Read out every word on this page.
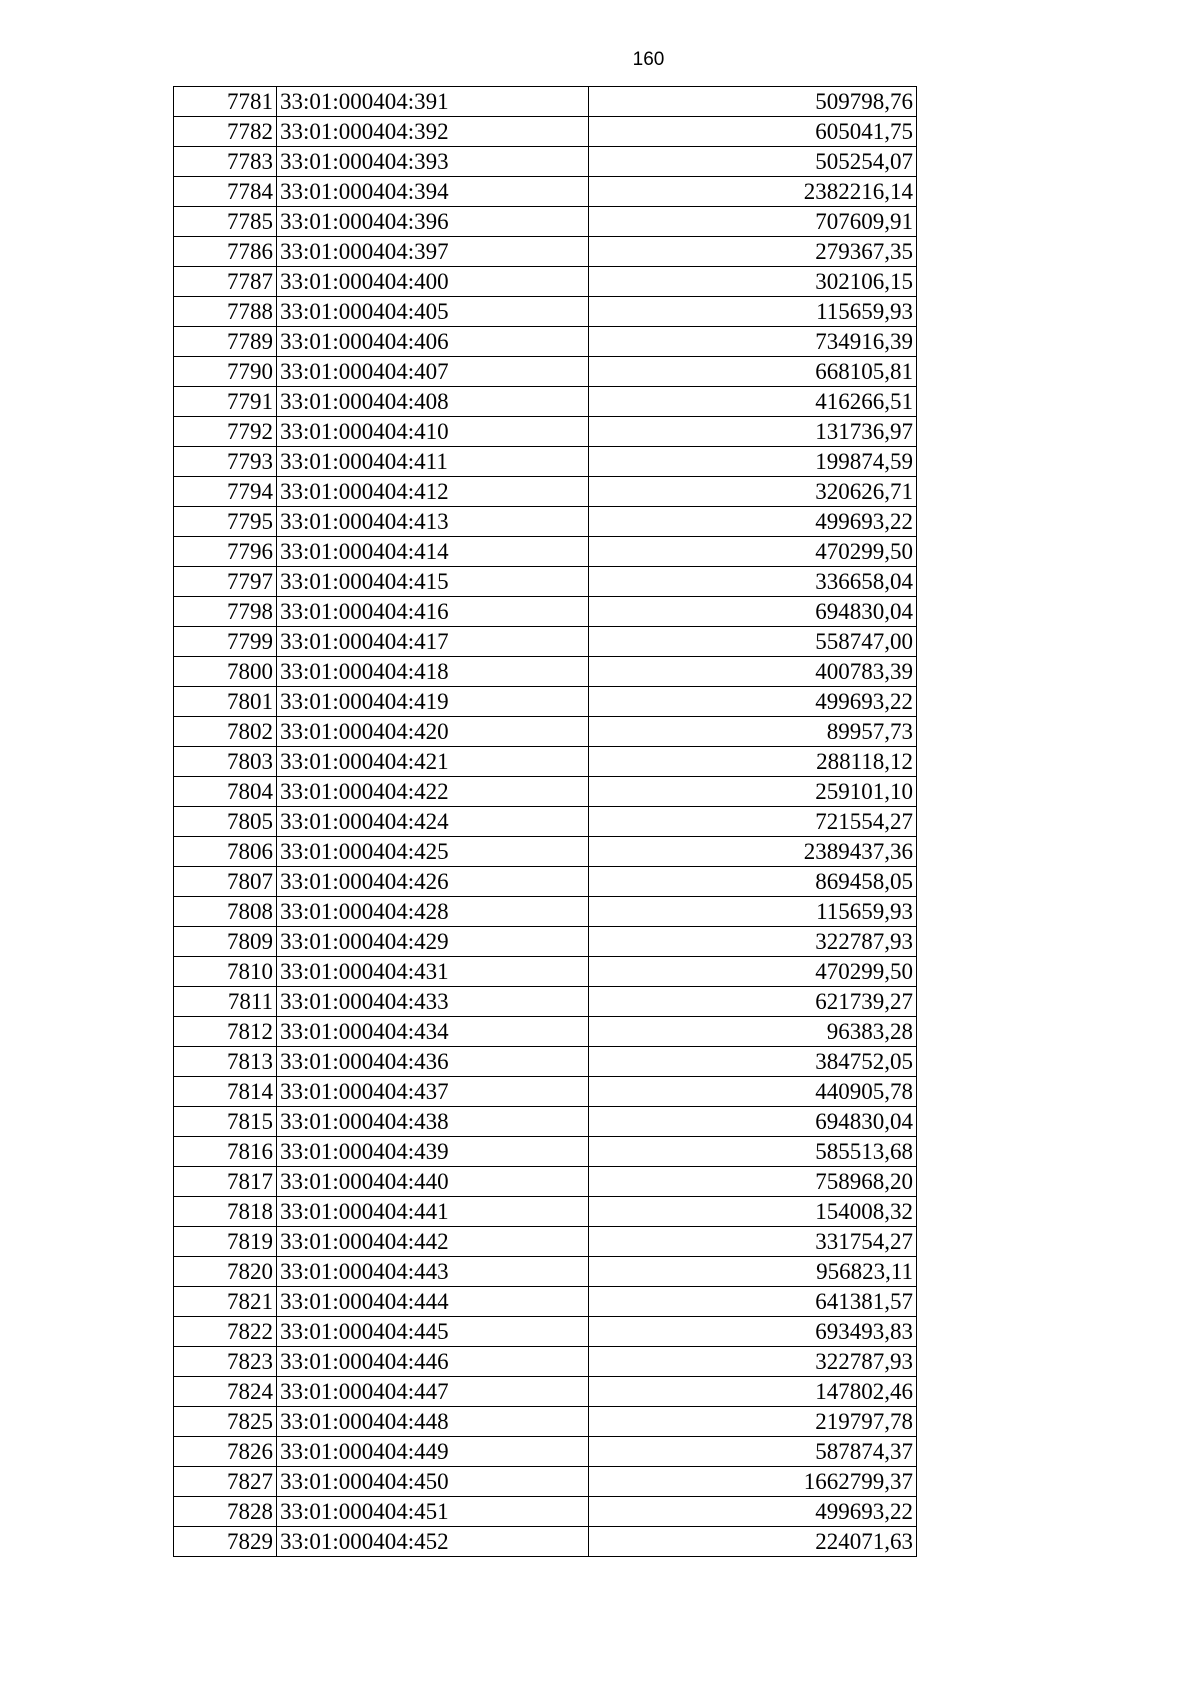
160
7781	33:01:000404:391	509798,76
7782	33:01:000404:392	605041,75
7783	33:01:000404:393	505254,07
7784	33:01:000404:394	2382216,14
7785	33:01:000404:396	707609,91
7786	33:01:000404:397	279367,35
7787	33:01:000404:400	302106,15
7788	33:01:000404:405	115659,93
7789	33:01:000404:406	734916,39
7790	33:01:000404:407	668105,81
7791	33:01:000404:408	416266,51
7792	33:01:000404:410	131736,97
7793	33:01:000404:411	199874,59
7794	33:01:000404:412	320626,71
7795	33:01:000404:413	499693,22
7796	33:01:000404:414	470299,50
7797	33:01:000404:415	336658,04
7798	33:01:000404:416	694830,04
7799	33:01:000404:417	558747,00
7800	33:01:000404:418	400783,39
7801	33:01:000404:419	499693,22
7802	33:01:000404:420	89957,73
7803	33:01:000404:421	288118,12
7804	33:01:000404:422	259101,10
7805	33:01:000404:424	721554,27
7806	33:01:000404:425	2389437,36
7807	33:01:000404:426	869458,05
7808	33:01:000404:428	115659,93
7809	33:01:000404:429	322787,93
7810	33:01:000404:431	470299,50
7811	33:01:000404:433	621739,27
7812	33:01:000404:434	96383,28
7813	33:01:000404:436	384752,05
7814	33:01:000404:437	440905,78
7815	33:01:000404:438	694830,04
7816	33:01:000404:439	585513,68
7817	33:01:000404:440	758968,20
7818	33:01:000404:441	154008,32
7819	33:01:000404:442	331754,27
7820	33:01:000404:443	956823,11
7821	33:01:000404:444	641381,57
7822	33:01:000404:445	693493,83
7823	33:01:000404:446	322787,93
7824	33:01:000404:447	147802,46
7825	33:01:000404:448	219797,78
7826	33:01:000404:449	587874,37
7827	33:01:000404:450	1662799,37
7828	33:01:000404:451	499693,22
7829	33:01:000404:452	224071,63
